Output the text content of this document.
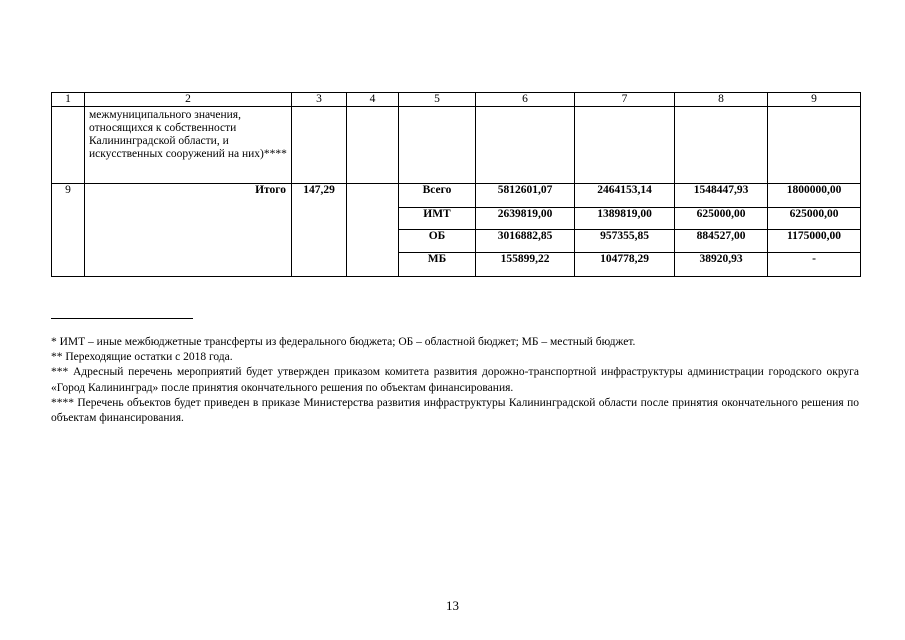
1	2	3	4	5	6	7	8	9
	межмуниципального значения, относящихся к собственности Калининградской области, и искусственных сооружений на них)****							
9	Итого	147,29		Всего	5812601,07	2464153,14	1548447,93	1800000,00
				ИМТ	2639819,00	1389819,00	625000,00	625000,00
				ОБ	3016882,85	957355,85	884527,00	1175000,00
				МБ	155899,22	104778,29	38920,93	-

* ИМТ – иные межбюджетные трансферты из федерального бюджета; ОБ – областной бюджет; МБ – местный бюджет.

** Переходящие остатки с 2018 года.

*** Адресный перечень мероприятий будет утвержден приказом комитета развития дорожно-транспортной инфраструктуры администрации городского округа «Город Калининград» после принятия окончательного решения по объектам финансирования.

**** Перечень объектов будет приведен в приказе Министерства развития инфраструктуры Калининградской области после принятия окончательного решения по объектам финансирования.

13
